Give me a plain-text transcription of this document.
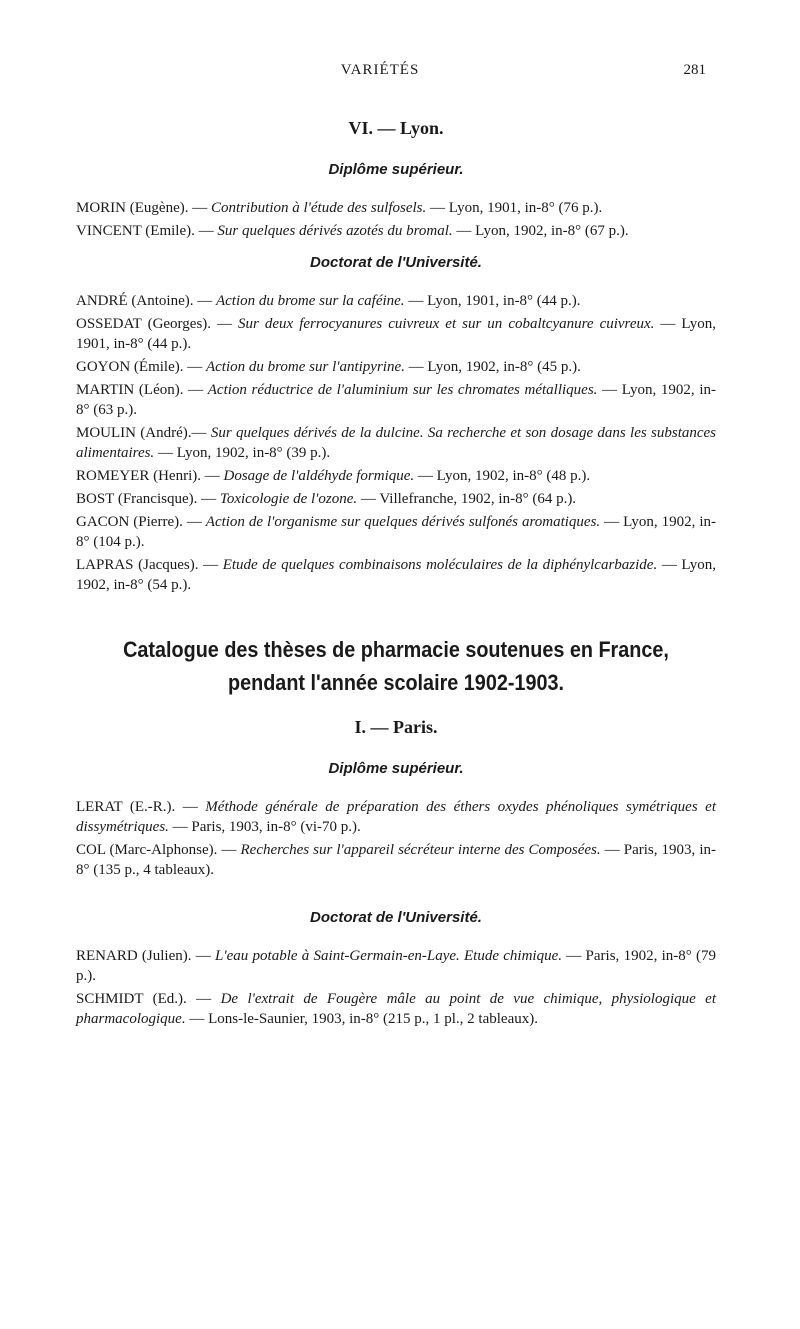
VARIÉTÉS	281
VI. — Lyon.
Diplôme supérieur.

MORIN (Eugène). — Contribution à l'étude des sulfosels. — Lyon, 1901, in-8° (76 p.).

VINCENT (Emile). — Sur quelques dérivés azotés du bromal. — Lyon, 1902, in-8° (67 p.).

Doctorat de l'Université.

ANDRÉ (Antoine). — Action du brome sur la caféine. — Lyon, 1901, in-8° (44 p.).

OSSEDAT (Georges). — Sur deux ferrocyanures cuivreux et sur un cobaltcyanure cuivreux. — Lyon, 1901, in-8° (44 p.).

GOYON (Émile). — Action du brome sur l'antipyrine. — Lyon, 1902, in-8° (45 p.).

MARTIN (Léon). — Action réductrice de l'aluminium sur les chromates métalliques. — Lyon, 1902, in-8° (63 p.).

MOULIN (André).— Sur quelques dérivés de la dulcine. Sa recherche et son dosage dans les substances alimentaires. — Lyon, 1902, in-8° (39 p.).

ROMEYER (Henri). — Dosage de l'aldéhyde formique. — Lyon, 1902, in-8° (48 p.).

BOST (Francisque). — Toxicologie de l'ozone. — Villefranche, 1902, in-8° (64 p.).

GACON (Pierre). — Action de l'organisme sur quelques dérivés sulfonés aromatiques. — Lyon, 1902, in-8° (104 p.).

LAPRAS (Jacques). — Etude de quelques combinaisons moléculaires de la diphénylcarbazide. — Lyon, 1902, in-8° (54 p.).

Catalogue des thèses de pharmacie soutenues en France,
pendant l'année scolaire 1902-1903.
I. — Paris.
Diplôme supérieur.

LERAT (E.-R.). — Méthode générale de préparation des éthers oxydes phénoliques symétriques et dissymétriques. — Paris, 1903, in-8° (vi-70 p.).

COL (Marc-Alphonse). — Recherches sur l'appareil sécréteur interne des Composées. — Paris, 1903, in-8° (135 p., 4 tableaux).

Doctorat de l'Université.

RENARD (Julien). — L'eau potable à Saint-Germain-en-Laye. Etude chimique. — Paris, 1902, in-8° (79 p.).

SCHMIDT (Ed.). — De l'extrait de Fougère mâle au point de vue chimique, physiologique et pharmacologique. — Lons-le-Saunier, 1903, in-8° (215 p., 1 pl., 2 tableaux).
